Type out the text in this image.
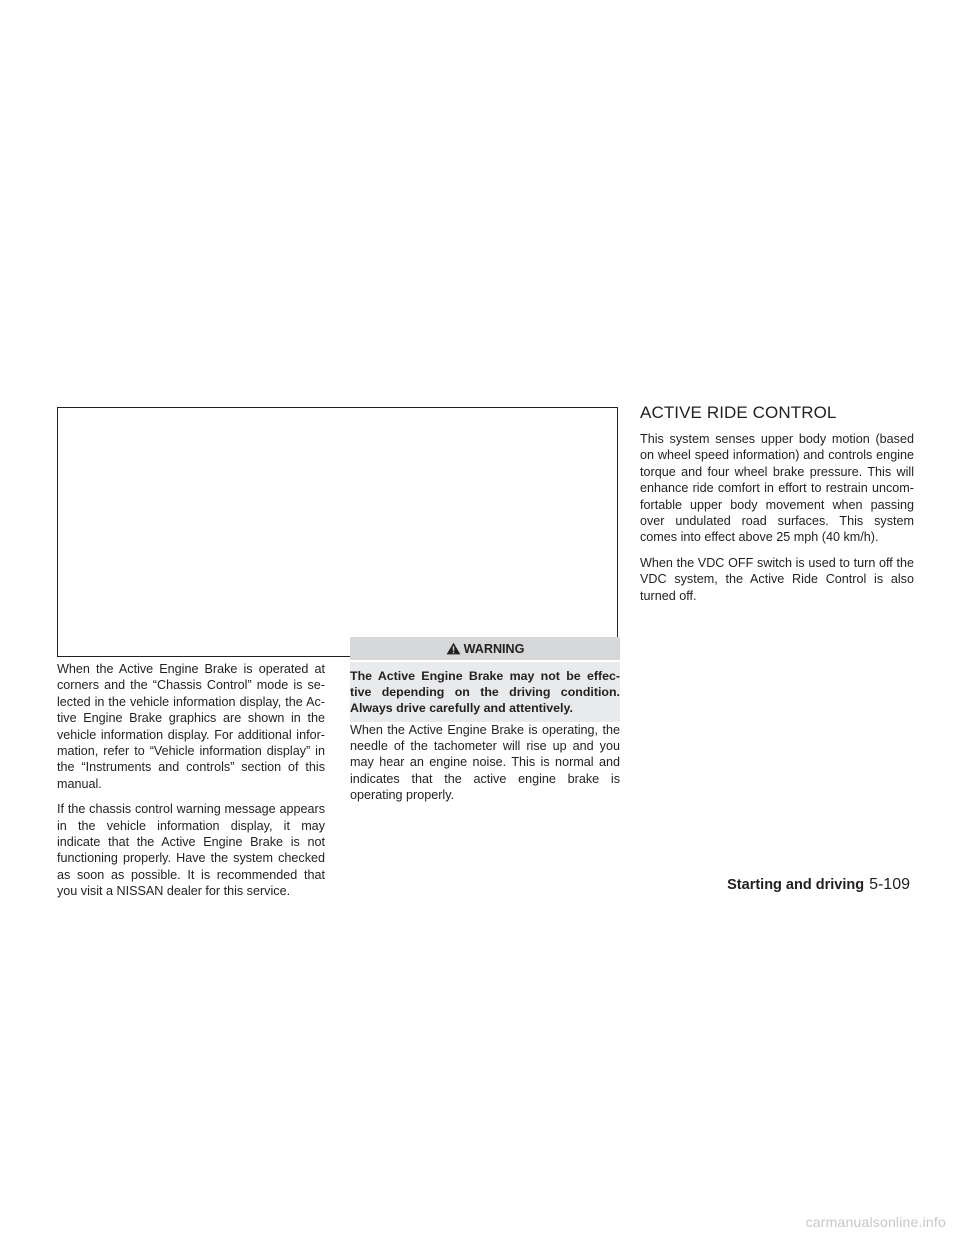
When the Active Engine Brake is operated at corners and the “Chassis Control” mode is se-lected in the vehicle information display, the Ac-tive Engine Brake graphics are shown in the vehicle information display. For additional infor-mation, refer to “Vehicle information display” in the “Instruments and controls” section of this manual.

If the chassis control warning message appears in the vehicle information display, it may indicate that the Active Engine Brake is not functioning properly. Have the system checked as soon as possible. It is recommended that you visit a NISSAN dealer for this service.

WARNING
The Active Engine Brake may not be effec-tive depending on the driving condition. Always drive carefully and attentively.

When the Active Engine Brake is operating, the needle of the tachometer will rise up and you may hear an engine noise. This is normal and indicates that the active engine brake is operating properly.

ACTIVE RIDE CONTROL

This system senses upper body motion (based on wheel speed information) and controls engine torque and four wheel brake pressure. This will enhance ride comfort in effort to restrain uncom-fortable upper body movement when passing over undulated road surfaces. This system comes into effect above 25 mph (40 km/h).

When the VDC OFF switch is used to turn off the VDC system, the Active Ride Control is also turned off.

Starting and driving 5-109
carmanualsonline.info
